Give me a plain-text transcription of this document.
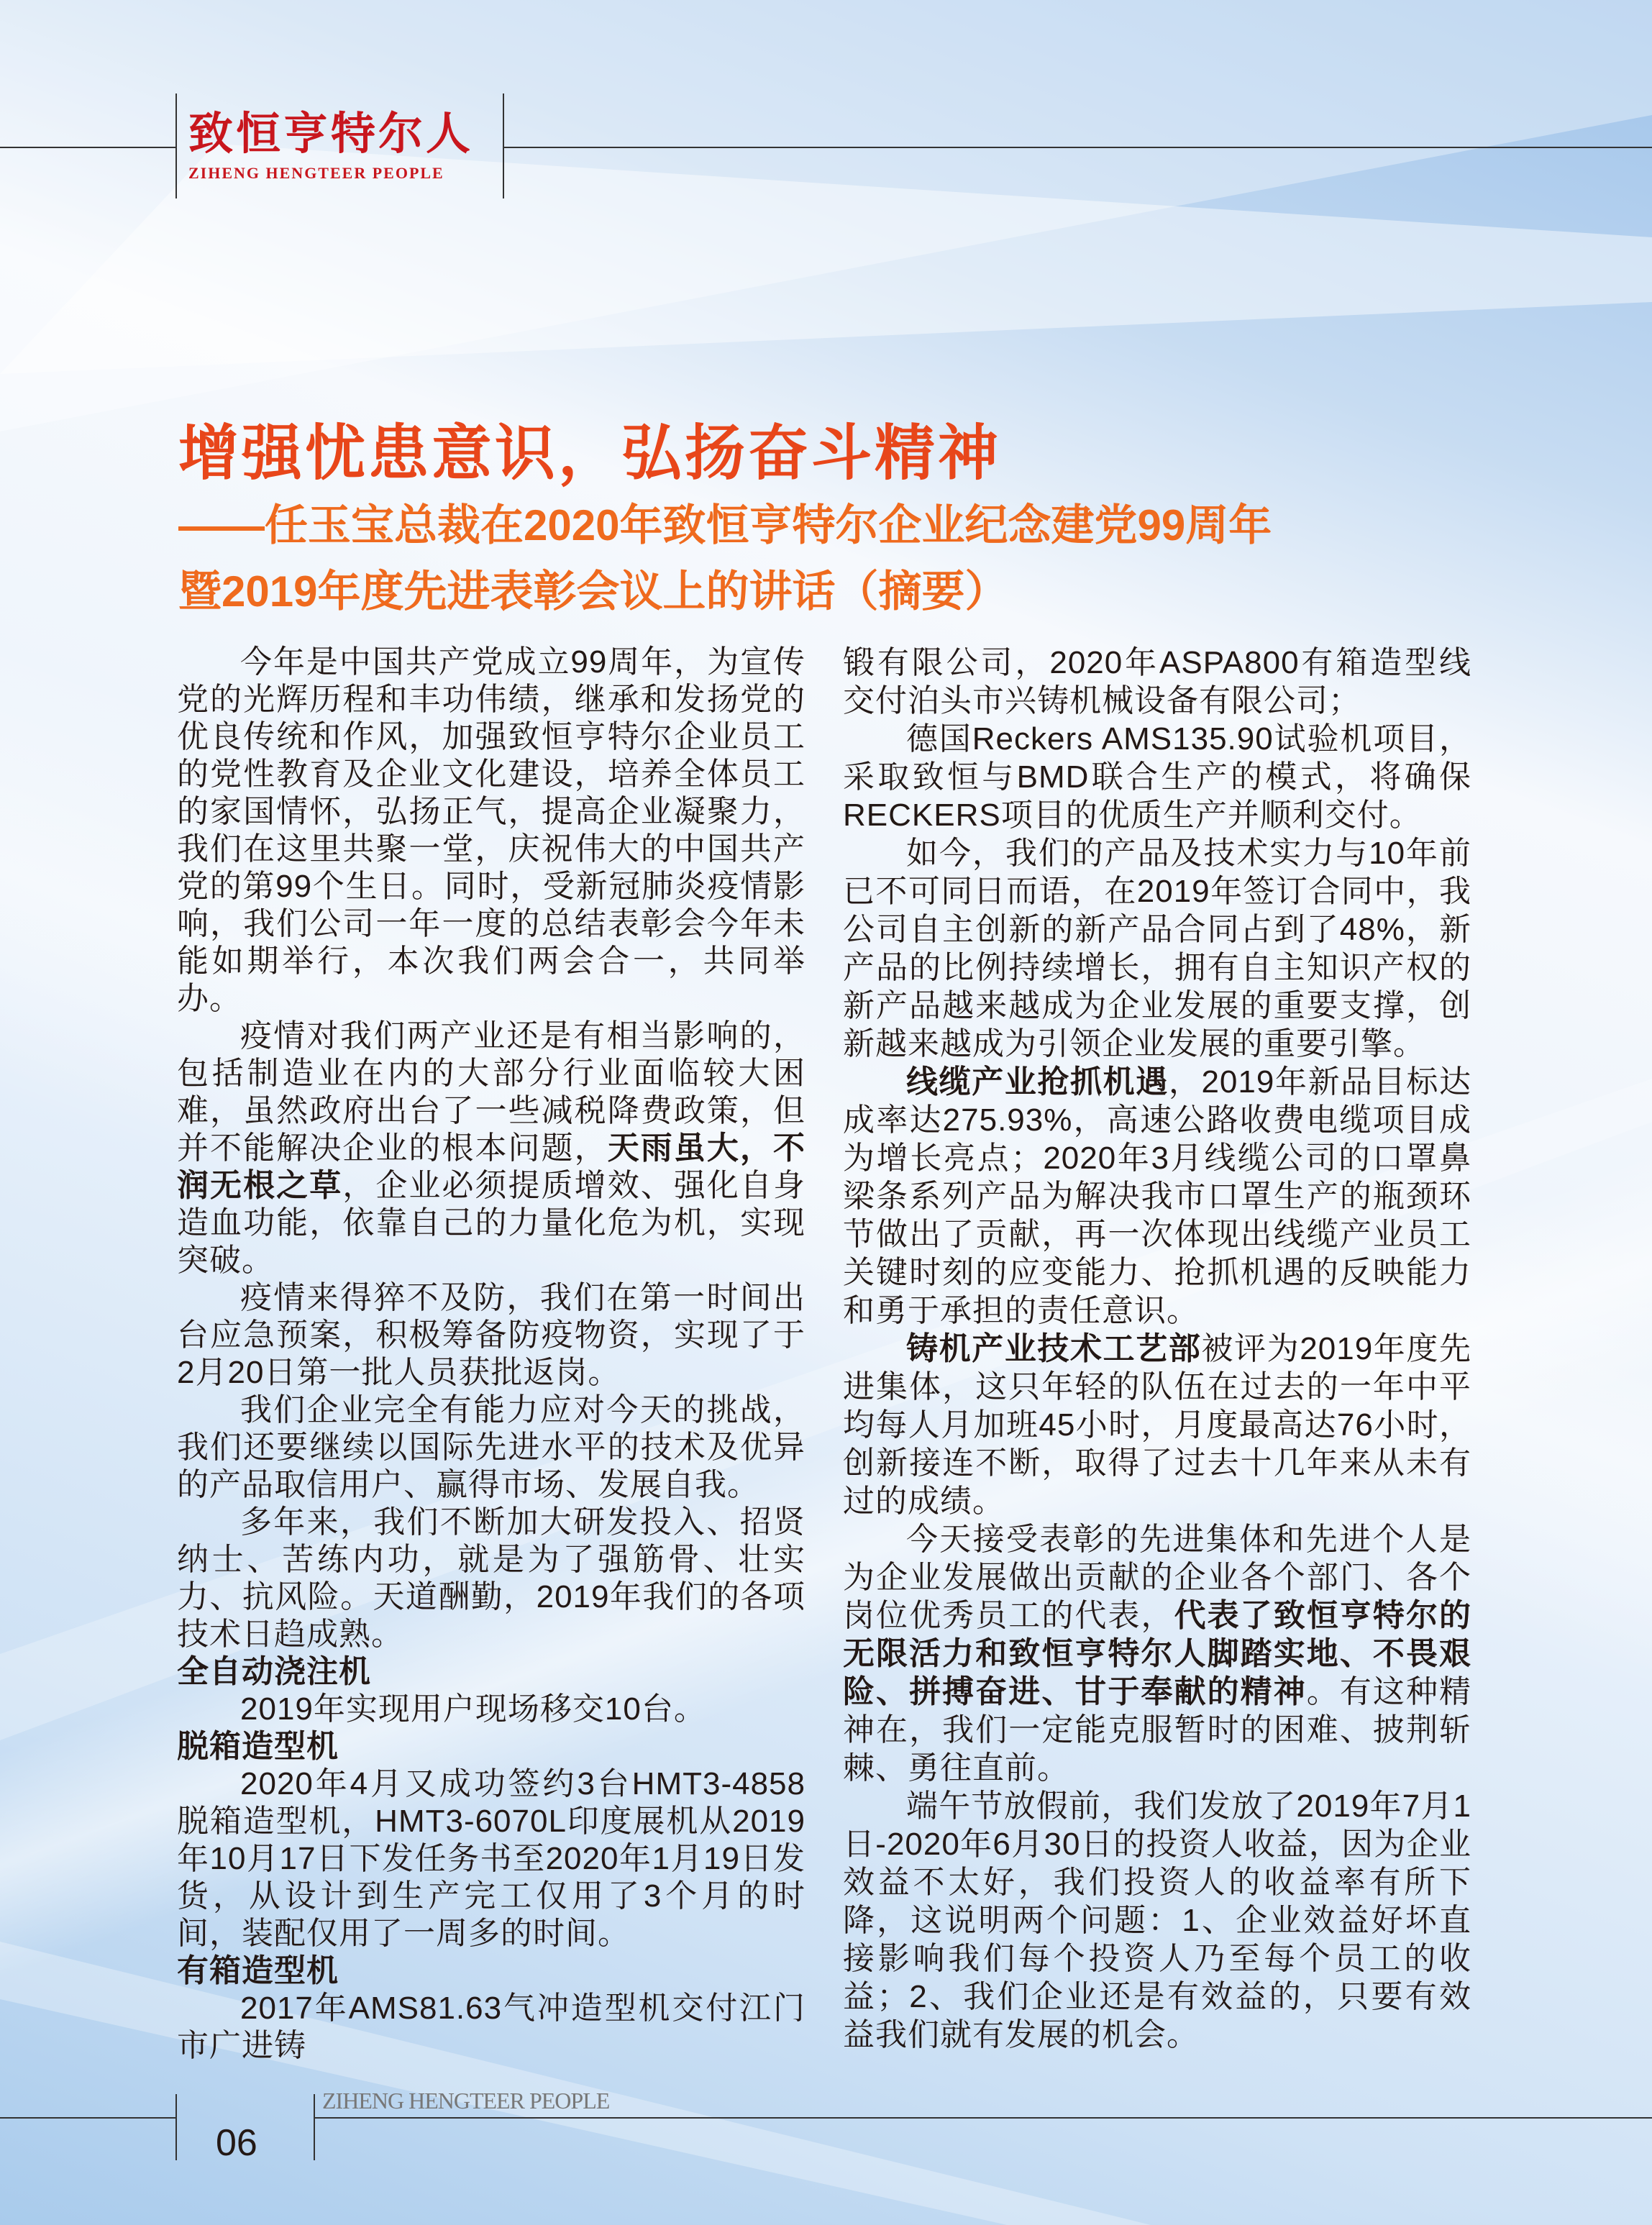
致恒亨特尔人
ZIHENG HENGTEER PEOPLE
增强忧患意识，弘扬奋斗精神
——任玉宝总裁在2020年致恒亨特尔企业纪念建党99周年
暨2019年度先进表彰会议上的讲话（摘要）

今年是中国共产党成立99周年，为宣传党的光辉历程和丰功伟绩，继承和发扬党的优良传统和作风，加强致恒亨特尔企业员工的党性教育及企业文化建设，培养全体员工的家国情怀，弘扬正气，提高企业凝聚力，我们在这里共聚一堂，庆祝伟大的中国共产党的第99个生日。同时，受新冠肺炎疫情影响，我们公司一年一度的总结表彰会今年未能如期举行，本次我们两会合一，共同举办。

疫情对我们两产业还是有相当影响的，包括制造业在内的大部分行业面临较大困难，虽然政府出台了一些减税降费政策，但并不能解决企业的根本问题，天雨虽大，不润无根之草，企业必须提质增效、强化自身造血功能，依靠自己的力量化危为机，实现突破。

疫情来得猝不及防，我们在第一时间出台应急预案，积极筹备防疫物资，实现了于2月20日第一批人员获批返岗。

我们企业完全有能力应对今天的挑战，我们还要继续以国际先进水平的技术及优异的产品取信用户、赢得市场、发展自我。

多年来，我们不断加大研发投入、招贤纳士、苦练内功，就是为了强筋骨、壮实力、抗风险。天道酬勤，2019年我们的各项技术日趋成熟。

全自动浇注机

2019年实现用户现场移交10台。

脱箱造型机

2020年4月又成功签约3台HMT3-4858脱箱造型机，HMT3-6070L印度展机从2019年10月17日下发任务书至2020年1月19日发货，从设计到生产完工仅用了3个月的时间，装配仅用了一周多的时间。

有箱造型机

2017年AMS81.63气冲造型机交付江门市广进铸

锻有限公司，2020年ASPA800有箱造型线交付泊头市兴铸机械设备有限公司；

德国Reckers AMS135.90试验机项目，采取致恒与BMD联合生产的模式，将确保RECKERS项目的优质生产并顺利交付。

如今，我们的产品及技术实力与10年前已不可同日而语，在2019年签订合同中，我公司自主创新的新产品合同占到了48%，新产品的比例持续增长，拥有自主知识产权的新产品越来越成为企业发展的重要支撑，创新越来越成为引领企业发展的重要引擎。

线缆产业抢抓机遇，2019年新品目标达成率达275.93%，高速公路收费电缆项目成为增长亮点；2020年3月线缆公司的口罩鼻梁条系列产品为解决我市口罩生产的瓶颈环节做出了贡献，再一次体现出线缆产业员工关键时刻的应变能力、抢抓机遇的反映能力和勇于承担的责任意识。

铸机产业技术工艺部被评为2019年度先进集体，这只年轻的队伍在过去的一年中平均每人月加班45小时，月度最高达76小时，创新接连不断，取得了过去十几年来从未有过的成绩。

今天接受表彰的先进集体和先进个人是为企业发展做出贡献的企业各个部门、各个岗位优秀员工的代表，代表了致恒亨特尔的无限活力和致恒亨特尔人脚踏实地、不畏艰险、拼搏奋进、甘于奉献的精神。有这种精神在，我们一定能克服暂时的困难、披荆斩棘、勇往直前。

端午节放假前，我们发放了2019年7月1日-2020年6月30日的投资人收益，因为企业效益不太好，我们投资人的收益率有所下降，这说明两个问题：1、企业效益好坏直接影响我们每个投资人乃至每个员工的收益；2、我们企业还是有效益的，只要有效益我们就有发展的机会。

06
ZIHENG HENGTEER PEOPLE
